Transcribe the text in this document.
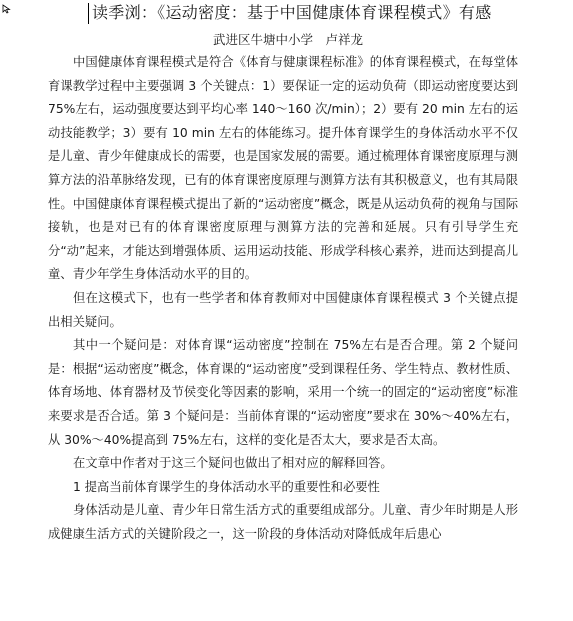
读季浏：《运动密度：基于中国健康体育课程模式》有感
武进区牛塘中小学　卢祥龙

中国健康体育课程模式是符合《体育与健康课程标准》的体育课程模式，在每堂体育课教学过程中主要强调 3 个关键点：1）要保证一定的运动负荷（即运动密度要达到 75%左右，运动强度要达到平均心率 140～160 次/min）；2）要有 20 min 左右的运动技能教学；3）要有 10 min 左右的体能练习。提升体育课学生的身体活动水平不仅是儿童、青少年健康成长的需要，也是国家发展的需要。通过梳理体育课密度原理与测算方法的沿革脉络发现，已有的体育课密度原理与测算方法有其积极意义，也有其局限性。中国健康体育课程模式提出了新的“运动密度”概念，既是从运动负荷的视角与国际接轨，也是对已有的体育课密度原理与测算方法的完善和延展。只有引导学生充分“动”起来，才能达到增强体质、运用运动技能、形成学科核心素养，进而达到提高儿童、青少年学生身体活动水平的目的。

但在这模式下，也有一些学者和体育教师对中国健康体育课程模式 3 个关键点提出相关疑问。

其中一个疑问是：对体育课“运动密度”控制在 75%左右是否合理。第 2 个疑问是：根据“运动密度”概念，体育课的“运动密度”受到课程任务、学生特点、教材性质、体育场地、体育器材及节侯变化等因素的影响，采用一个统一的固定的“运动密度”标准来要求是否合适。第 3 个疑问是：当前体育课的“运动密度”要求在 30%～40%左右，从 30%～40%提高到 75%左右，这样的变化是否太大，要求是否太高。

在文章中作者对于这三个疑问也做出了相对应的解释回答。

1 提高当前体育课学生的身体活动水平的重要性和必要性

身体活动是儿童、青少年日常生活方式的重要组成部分。儿童、青少年时期是人形成健康生活方式的关键阶段之一，这一阶段的身体活动对降低成年后患心
